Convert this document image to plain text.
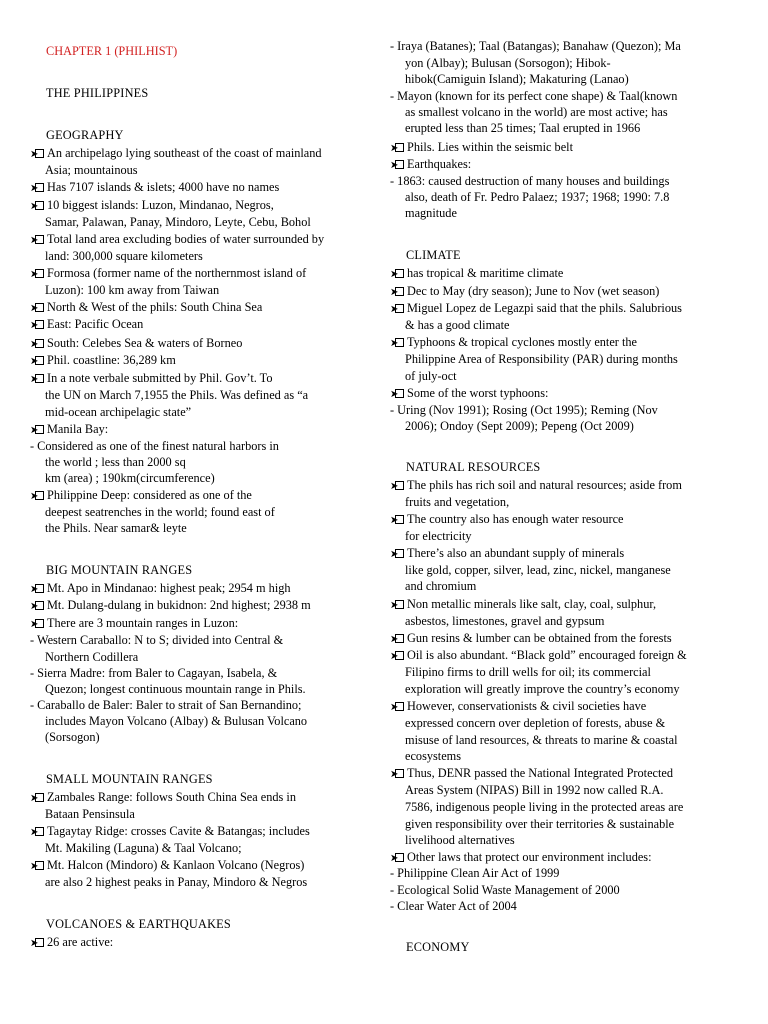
CHAPTER 1 (PHILHIST)
THE PHILIPPINES
GEOGRAPHY
➤ An archipelago lying southeast of the coast of mainland
Asia; mountainous
➤ Has 7107 islands & islets; 4000 have no names
➤ 10 biggest islands: Luzon, Mindanao, Negros,
Samar, Palawan, Panay, Mindoro, Leyte, Cebu, Bohol
➤ Total land area excluding bodies of water surrounded by
land: 300,000 square kilometers
➤ Formosa (former name of the northernmost island of
Luzon): 100 km away from Taiwan
➤ North & West of the phils: South China Sea
➤ East: Pacific Ocean
➤ South: Celebes Sea & waters of Borneo
➤ Phil. coastline: 36,289 km
➤ In a note verbale submitted by Phil. Gov’t. To
the UN on March 7,1955 the Phils. Was defined as “a
mid-ocean archipelagic state”
➤ Manila Bay:
- Considered as one of the finest natural harbors in
the world ; less than 2000 sq
km (area) ; 190km(circumference)
➤ Philippine Deep: considered as one of the
deepest seatrenches in the world; found east of
the Phils. Near samar& leyte
BIG MOUNTAIN RANGES
➤ Mt. Apo in Mindanao: highest peak; 2954 m high
➤ Mt. Dulang-dulang in bukidnon: 2nd highest; 2938 m
➤ There are 3 mountain ranges in Luzon:
- Western Caraballo: N to S; divided into Central &
Northern Codillera
- Sierra Madre: from Baler to Cagayan, Isabela, &
Quezon; longest continuous mountain range in Phils.
- Caraballo de Baler: Baler to strait of San Bernandino;
includes Mayon Volcano (Albay) & Bulusan Volcano
(Sorsogon)
SMALL MOUNTAIN RANGES
➤ Zambales Range: follows South China Sea ends in
Bataan Pensinsula
➤ Tagaytay Ridge: crosses Cavite & Batangas; includes
Mt. Makiling (Laguna) & Taal Volcano;
➤ Mt. Halcon (Mindoro) & Kanlaon Volcano (Negros)
are also 2 highest peaks in Panay, Mindoro & Negros
VOLCANOES & EARTHQUAKES
➤ 26 are active:
- Iraya (Batanes); Taal (Batangas); Banahaw (Quezon); Ma
yon (Albay); Bulusan (Sorsogon); Hibok-
hibok(Camiguin Island); Makaturing (Lanao)
- Mayon (known for its perfect cone shape) & Taal(known
as smallest volcano in the world) are most active; has
erupted less than 25 times; Taal erupted in 1966
➤ Phils. Lies within the seismic belt
➤ Earthquakes:
- 1863: caused destruction of many houses and buildings
also, death of Fr. Pedro Palaez; 1937; 1968; 1990: 7.8
magnitude
CLIMATE
➤ has tropical & maritime climate
➤ Dec to May (dry season); June to Nov (wet season)
➤ Miguel Lopez de Legazpi said that the phils. Salubrious
& has a good climate
➤ Typhoons & tropical cyclones mostly enter the
Philippine Area of Responsibility (PAR) during months
of july-oct
➤ Some of the worst typhoons:
- Uring (Nov 1991); Rosing (Oct 1995); Reming (Nov
2006); Ondoy (Sept 2009); Pepeng (Oct 2009)
NATURAL RESOURCES
➤ The phils has rich soil and natural resources; aside from
fruits and vegetation,
➤ The country also has enough water resource
for electricity
➤ There’s also an abundant supply of minerals
like gold, copper, silver, lead, zinc, nickel, manganese
and chromium
➤ Non metallic minerals like salt, clay, coal, sulphur,
asbestos, limestones, gravel and gypsum
➤ Gun resins & lumber can be obtained from the forests
➤ Oil is also abundant. “Black gold” encouraged foreign &
Filipino firms to drill wells for oil; its commercial
exploration will greatly improve the country’s economy
➤ However, conservationists & civil societies have
expressed concern over depletion of forests, abuse &
misuse of land resources, & threats to marine & coastal
ecosystems
➤ Thus, DENR passed the National Integrated Protected
Areas System (NIPAS) Bill in 1992 now called R.A.
7586, indigenous people living in the protected areas are
given responsibility over their territories & sustainable
livelihood alternatives
➤ Other laws that protect our environment includes:
- Philippine Clean Air Act of 1999
- Ecological Solid Waste Management of 2000
- Clear Water Act of 2004
ECONOMY
